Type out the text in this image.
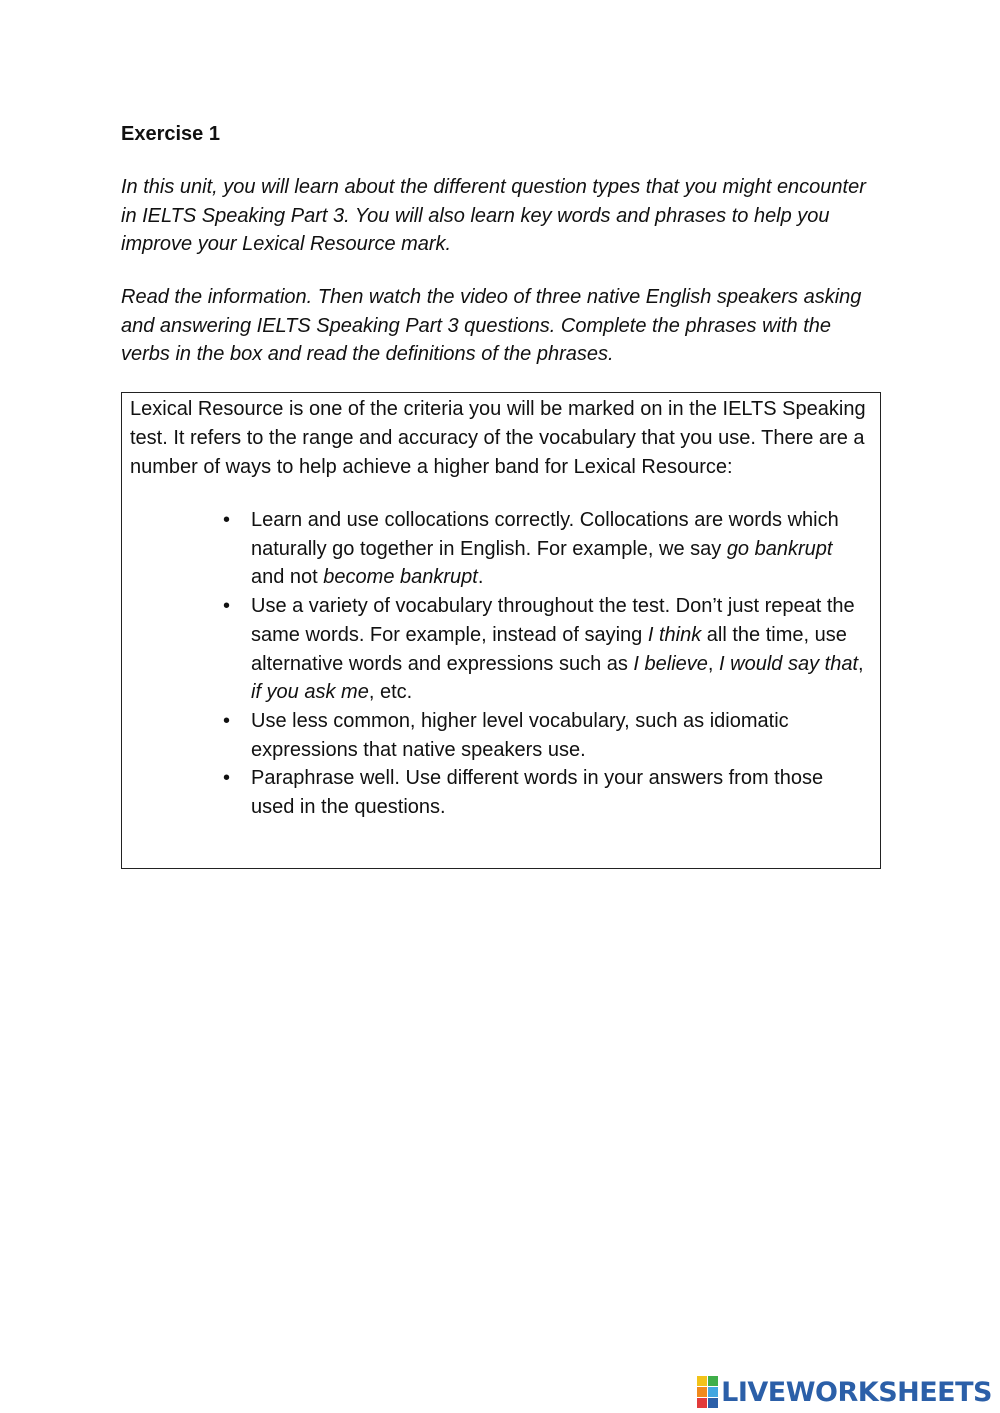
Exercise 1

In this unit, you will learn about the different question types that you might encounter in IELTS Speaking Part 3. You will also learn key words and phrases to help you improve your Lexical Resource mark.

Read the information. Then watch the video of three native English speakers asking and answering IELTS Speaking Part 3 questions. Complete the phrases with the verbs in the box and read the definitions of the phrases.

Lexical Resource is one of the criteria you will be marked on in the IELTS Speaking test. It refers to the range and accuracy of the vocabulary that you use. There are a number of ways to help achieve a higher band for Lexical Resource:

• Learn and use collocations correctly. Collocations are words which naturally go together in English. For example, we say go bankrupt and not become bankrupt.
• Use a variety of vocabulary throughout the test. Don’t just repeat the same words. For example, instead of saying I think all the time, use alternative words and expressions such as I believe, I would say that, if you ask me, etc.
• Use less common, higher level vocabulary, such as idiomatic expressions that native speakers use.
• Paraphrase well. Use different words in your answers from those used in the questions.
LIVEWORKSHEETS
